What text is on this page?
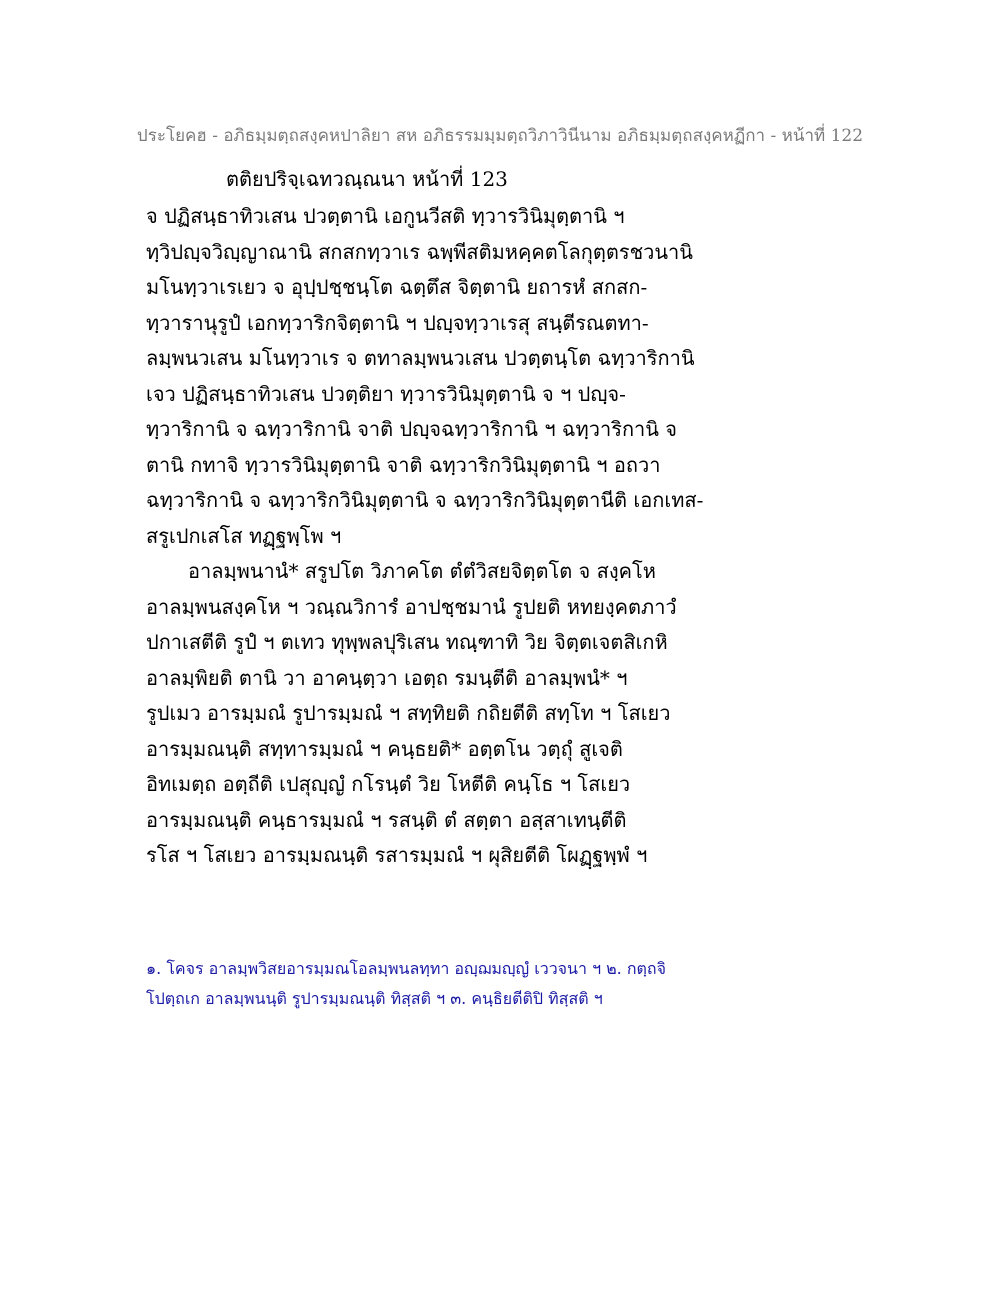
ประโยคฮ - อภิธมฺมตฺถสงฺคหปาลิยา สห อภิธรรมมฺมตฺถวิภาวินีนาม อภิธมฺมตฺถสงฺคหฏีกา - หน้าที่ 122
ตติยปริจฺเฉทวณฺณนา หน้าที่ 123
จ ปฏิสนฺธาทิวเสน ปวตฺตานิ เอกูนวีสติ ทฺวารวินิมุตฺตานิ ฯ
ทฺวิปญฺจวิญฺญาณานิ สกสกทฺวาเร ฉพฺพีสติมหคฺคตโลกุตฺตรชวนานิ
มโนทฺวาเรเยว จ อุปฺปชฺชนฺโต ฉตฺตึส จิตฺตานิ ยถารหํ สกสก-
ทฺวารานุรูปํ เอกทฺวาริกจิตฺตานิ ฯ ปญฺจทฺวาเรสุ สนฺตีรณตทา-
ลมฺพนวเสน มโนทฺวาเร จ ตทาลมฺพนวเสน ปวตฺตนฺโต ฉทฺวาริกานิ
เจว ปฏิสนฺธาทิวเสน ปวตฺติยา ทฺวารวินิมุตฺตานิ จ ฯ ปญฺจ-
ทฺวาริกานิ จ ฉทฺวาริกานิ จาติ ปญฺจฉทฺวาริกานิ ฯ ฉทฺวาริกานิ จ
ตานิ กทาจิ ทฺวารวินิมุตฺตานิ จาติ ฉทฺวาริกวินิมุตฺตานิ ฯ อถวา
ฉทฺวาริกานิ จ ฉทฺวาริกวินิมุตฺตานิ จ ฉทฺวาริกวินิมุตฺตานีติ เอกเทส-
สรูเปกเสโส ทฏฺฐพฺโพ ฯ
อาลมฺพนานํ* สรูปโต วิภาคโต ตํตํวิสยจิตฺตโต จ สงฺคโห
อาลมฺพนสงฺคโห ฯ วณฺณวิการํ อาปชฺชมานํ รูปยติ หทยงฺคตภาวํ
ปกาเสตีติ รูปํ ฯ ตเทว ทุพฺพลปุริเสน ทณฺฑาทิ วิย จิตฺตเจตสิเกหิ
อาลมฺพิยติ ตานิ วา อาคนฺตฺวา เอตฺถ รมนฺตีติ อาลมฺพนํ* ฯ
รูปเมว อารมฺมณํ รูปารมฺมณํ ฯ สทฺทิยติ กถิยตีติ สทฺโท ฯ โสเยว
อารมฺมณนฺติ สทฺทารมฺมณํ ฯ คนฺธยติ* อตฺตโน วตฺถุํ สูเจติ
อิทเมตฺถ อตฺถีติ เปสุญฺญํ กโรนฺตํ วิย โหตีติ คนฺโธ ฯ โสเยว
อารมฺมณนฺติ คนฺธารมฺมณํ ฯ รสนฺติ ตํ สตฺตา อสฺสาเทนฺตีติ
รโส ฯ โสเยว อารมฺมณนฺติ รสารมฺมณํ ฯ ผุสิยตีติ โผฏฺฐพฺพํ ฯ
๑. โคจร อาลมฺพวิสยอารมฺมณโอลมฺพนลทฺทา อญฺฌมญฺญํ เววจนา ฯ ๒. กตฺถจิ
โปตฺถเก อาลมฺพนนฺติ รูปารมฺมณนฺติ ทิสฺสติ ฯ ๓. คนฺธิยตีติปิ ทิสฺสติ ฯ
